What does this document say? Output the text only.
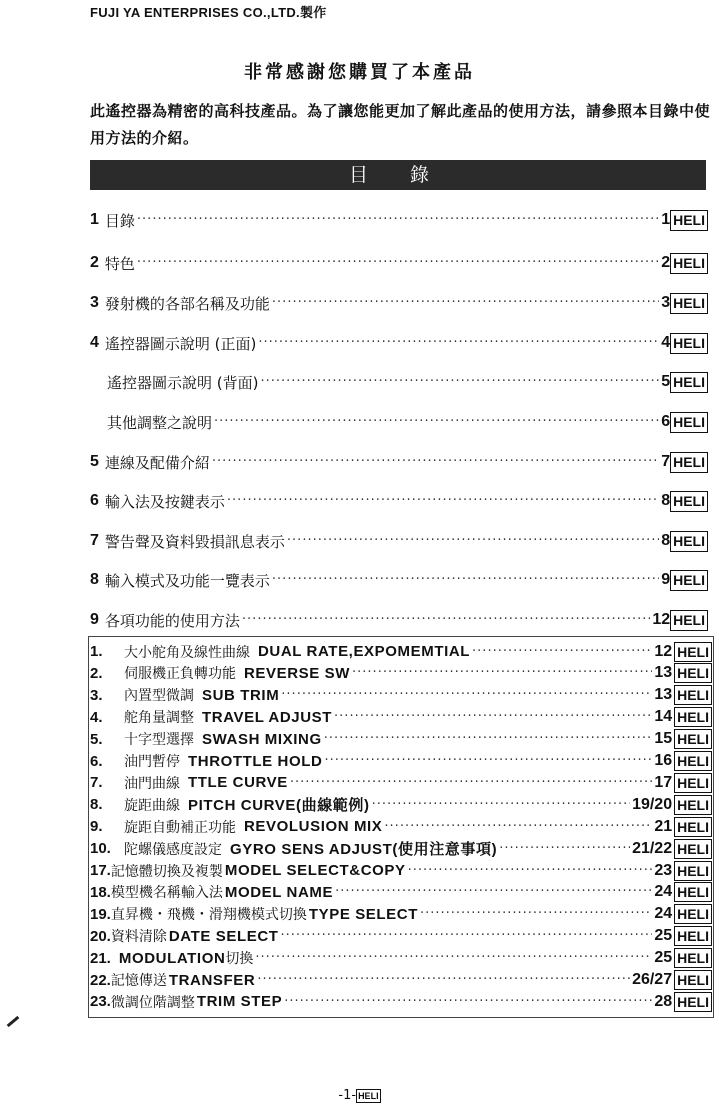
FUJI YA ENTERPRISES CO.,LTD.製作
非常感謝您購買了本產品
此遙控器為精密的高科技產品。為了讓您能更加了解此產品的使用方法，請參照本目錄中使用方法的介紹。
目 錄
1 目錄 ·····	1 HELI
2 特色 ·····	2 HELI
3 發射機的各部名稱及功能 ·····	3 HELI
4 遙控器圖示說明 (正面) ·····	4 HELI
遙控器圖示說明 (背面) ·····	5 HELI
其他調整之說明 ·····	6 HELI
5 連線及配備介紹 ·····	7 HELI
6 輸入法及按鍵表示 ·····	8 HELI
7 警告聲及資料毀損訊息表示 ·····	8 HELI
8 輸入模式及功能一覽表示 ·····	9 HELI
9 各項功能的使用方法 ·····	12 HELI
1.	大小舵角及線性曲線 DUAL RATE,EXPOMEMTIAL ·····	12 HELI
2.	伺服機正負轉功能 REVERSE SW ·····	13 HELI
3.	內置型微調 SUB TRIM ·····	13 HELI
4.	舵角量調整 TRAVEL ADJUST ·····	14 HELI
5.	十字型選擇 SWASH MIXING ·····	15 HELI
6.	油門暫停 THROTTLE HOLD ·····	16 HELI
7.	油門曲線 TTLE CURVE ·····	17 HELI
8.	旋距曲線 PITCH CURVE(曲線範例) ·····	19/20 HELI
9.	旋距自動補正功能 REVOLUSION MIX ·····	21 HELI
10. 陀螺儀感度設定 GYRO SENS ADJUST(使用注意事項) ·····	21/22 HELI
17. 記憶體切換及複製 MODEL SELECT&COPY ·····	23 HELI
18. 模型機名稱輸入法 MODEL NAME ·····	24 HELI
19. 直昇機・飛機・滑翔機模式切換 TYPE SELECT ·····	24 HELI
20. 資料清除 DATE SELECT ·····	25 HELI
21. MODULATION 切換 ·····	25 HELI
22. 記憶傳送 TRANSFER ·····	26/27 HELI
23. 微調位階調整 TRIM STEP ·····	28 HELI
-1- HELI
